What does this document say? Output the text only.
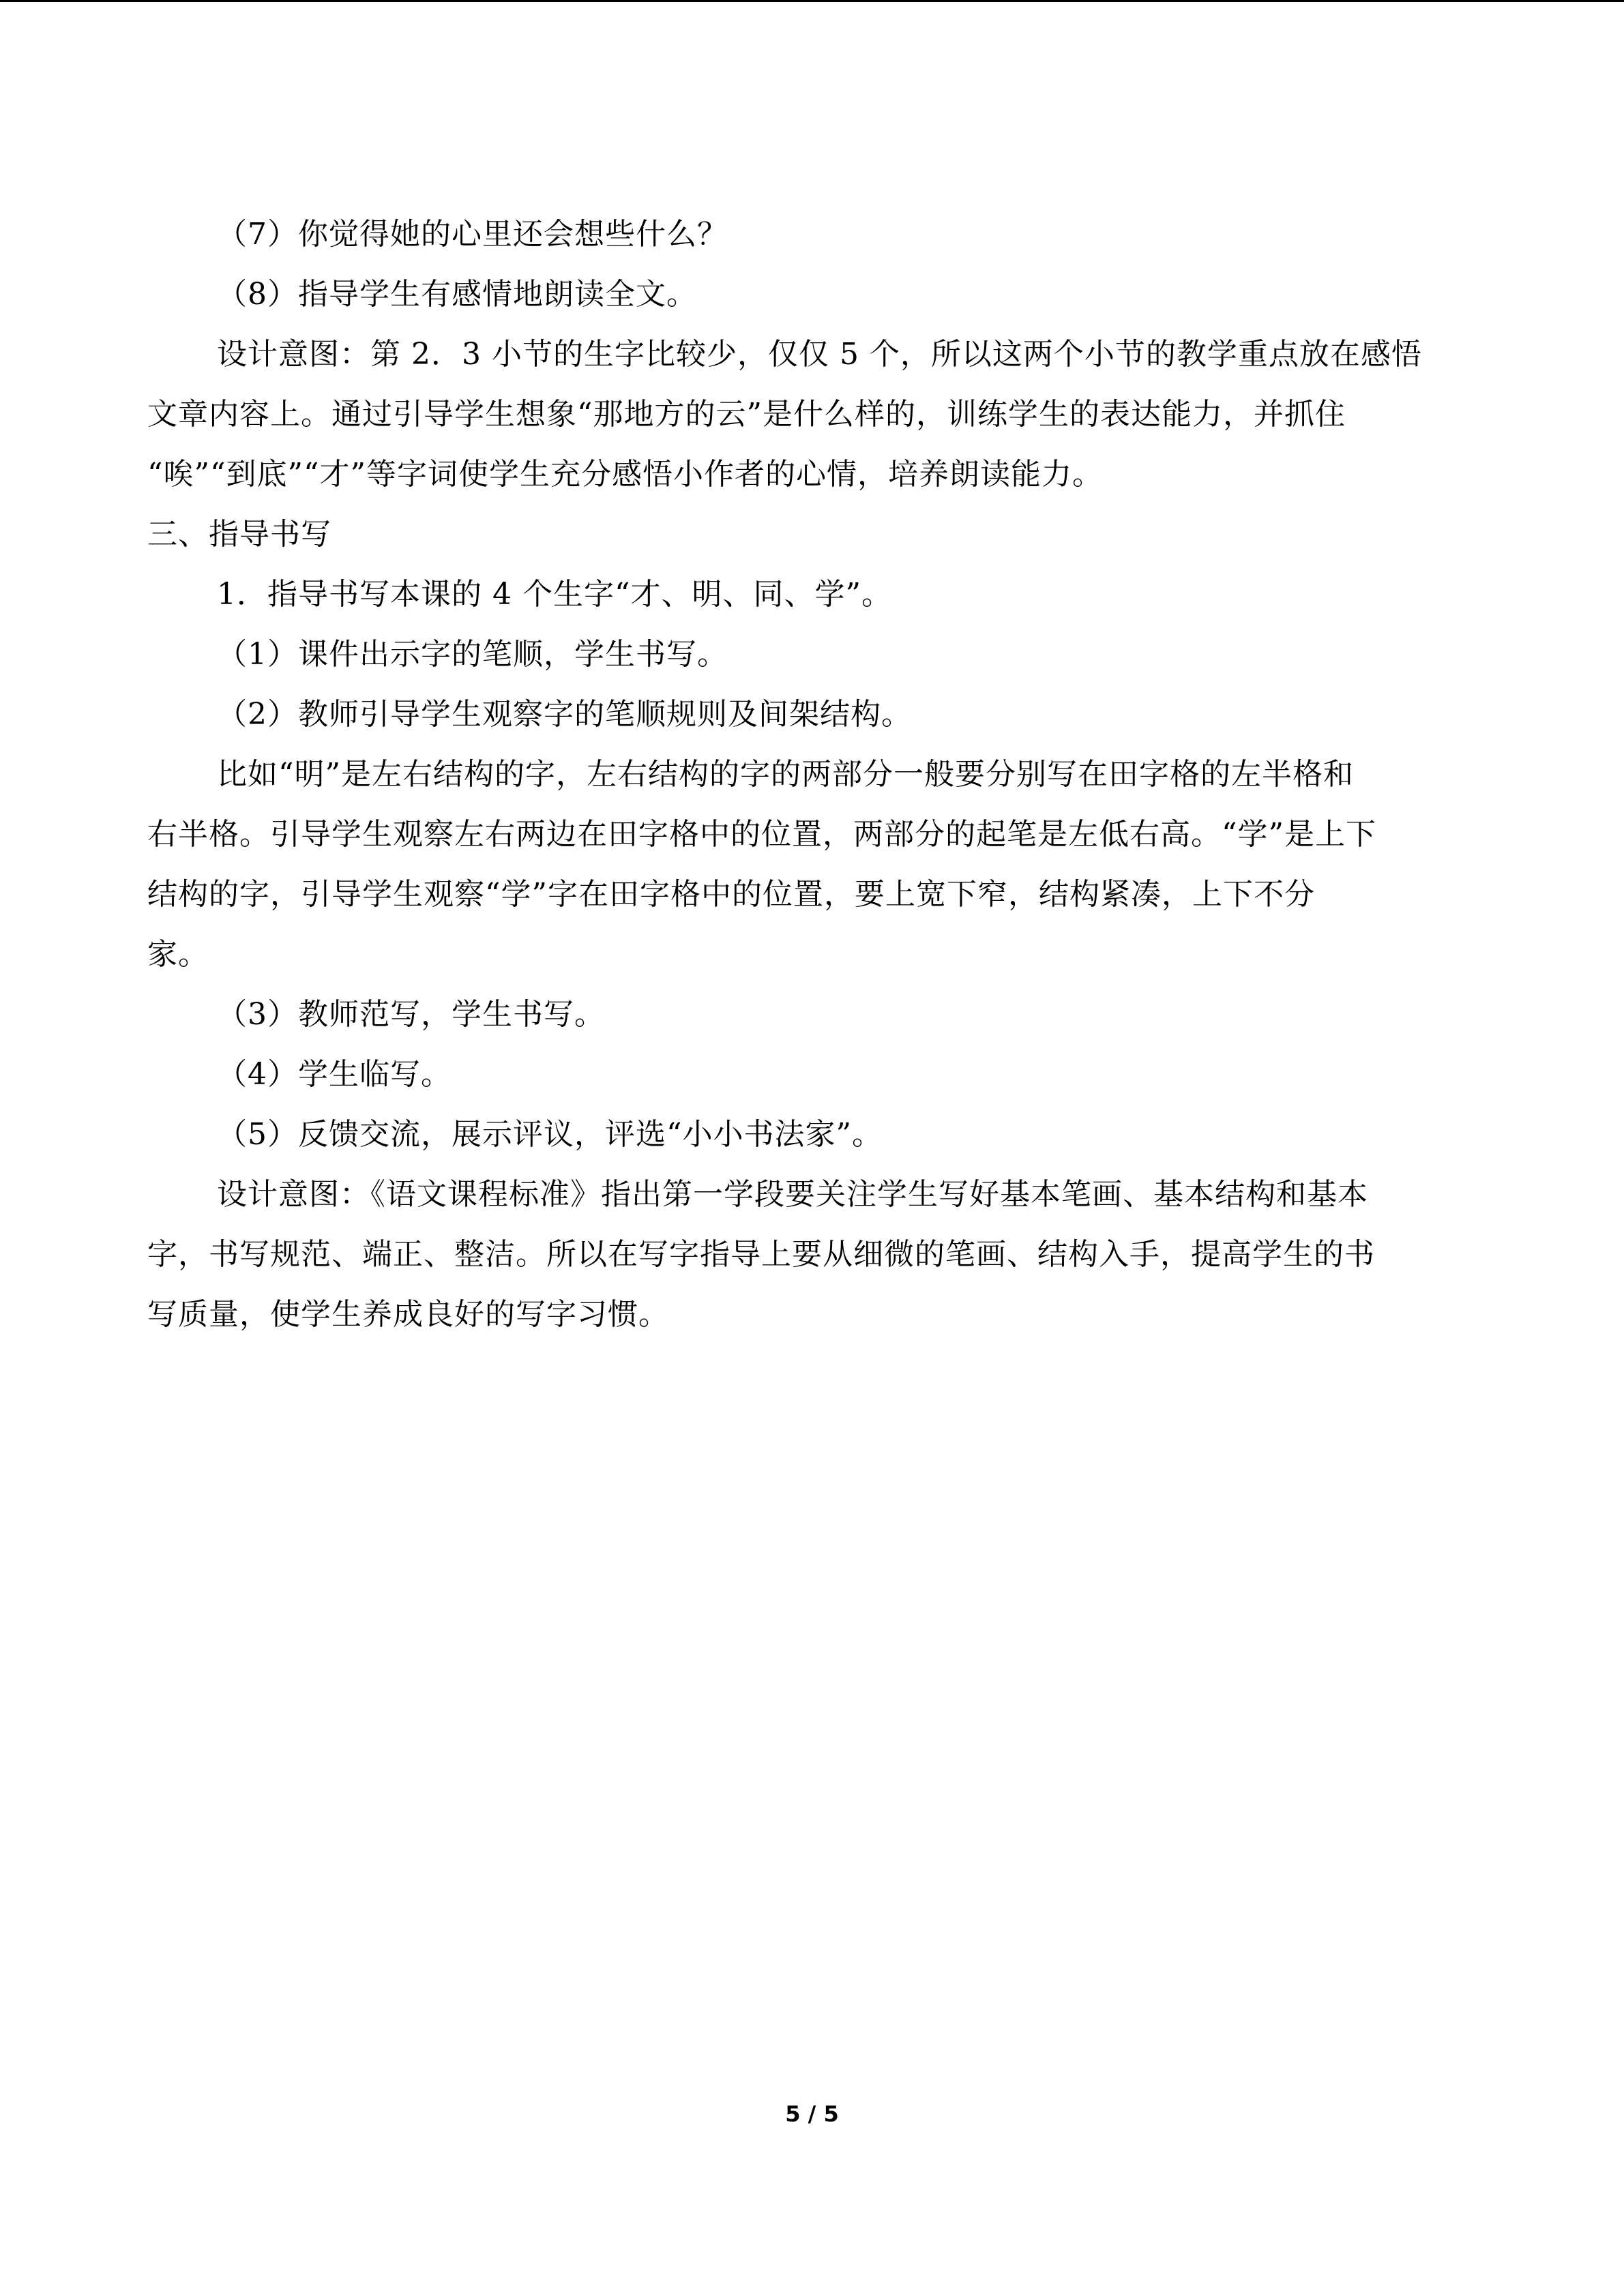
（7）你觉得她的心里还会想些什么？
（8）指导学生有感情地朗读全文。
设计意图：第 2．3 小节的生字比较少，仅仅 5 个，所以这两个小节的教学重点放在感悟
文章内容上。通过引导学生想象“那地方的云”是什么样的，训练学生的表达能力，并抓住
“唉”“到底”“才”等字词使学生充分感悟小作者的心情，培养朗读能力。
三、指导书写
1．指导书写本课的 4 个生字“才、明、同、学”。
（1）课件出示字的笔顺，学生书写。
（2）教师引导学生观察字的笔顺规则及间架结构。
比如“明”是左右结构的字，左右结构的字的两部分一般要分别写在田字格的左半格和
右半格。引导学生观察左右两边在田字格中的位置，两部分的起笔是左低右高。“学”是上下
结构的字，引导学生观察“学”字在田字格中的位置，要上宽下窄，结构紧凑，上下不分
家。
（3）教师范写，学生书写。
（4）学生临写。
（5）反馈交流，展示评议，评选“小小书法家”。
设计意图：《语文课程标准》指出第一学段要关注学生写好基本笔画、基本结构和基本
字，书写规范、端正、整洁。所以在写字指导上要从细微的笔画、结构入手，提高学生的书
写质量，使学生养成良好的写字习惯。
5 / 5
